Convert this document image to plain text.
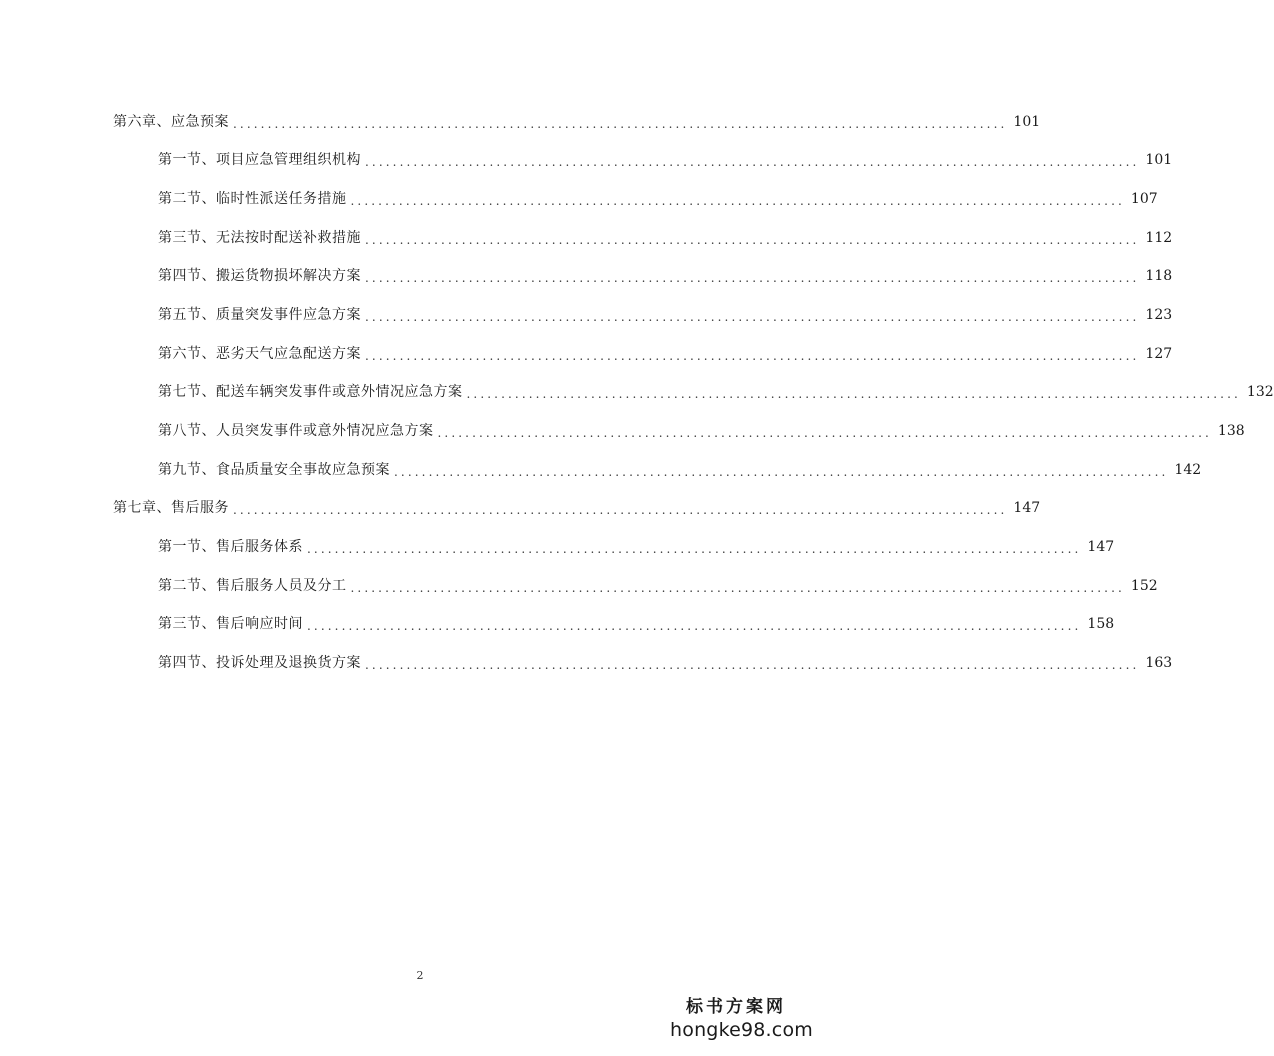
第六章、应急预案 ................................................................................................................ 101
第一节、项目应急管理组织机构 ................................................................................................................ 101
第二节、临时性派送任务措施 ................................................................................................................ 107
第三节、无法按时配送补救措施 ................................................................................................................ 112
第四节、搬运货物损坏解决方案 ................................................................................................................ 118
第五节、质量突发事件应急方案 ................................................................................................................ 123
第六节、恶劣天气应急配送方案 ................................................................................................................ 127
第七节、配送车辆突发事件或意外情况应急方案 ................................................................................................................ 132
第八节、人员突发事件或意外情况应急方案 ................................................................................................................ 138
第九节、食品质量安全事故应急预案 ................................................................................................................ 142
第七章、售后服务 ................................................................................................................ 147
第一节、售后服务体系 ................................................................................................................ 147
第二节、售后服务人员及分工 ................................................................................................................ 152
第三节、售后响应时间 ................................................................................................................ 158
第四节、投诉处理及退换货方案 ................................................................................................................ 163
2
标书方案网
hongke98.com
